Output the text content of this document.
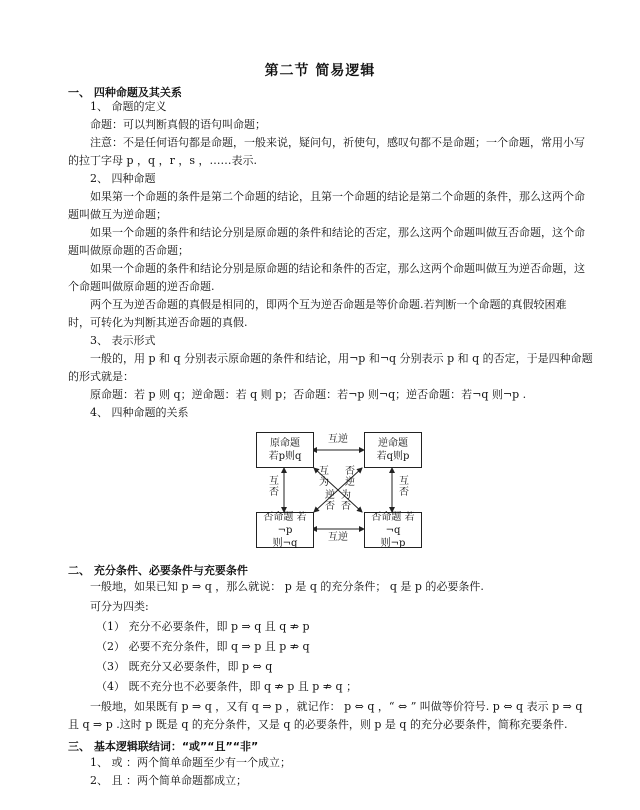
第二节 简易逻辑
一、 四种命题及其关系
1、 命题的定义
命题：可以判断真假的语句叫命题；
注意：不是任何语句都是命题，一般来说，疑问句，祈使句，感叹句都不是命题；一个命题，常用小写
的拉丁字母 p ，q ，r ，s ，……表示.
2、 四种命题
如果第一个命题的条件是第二个命题的结论，且第一个命题的结论是第二个命题的条件，那么这两个命
题叫做互为逆命题；
如果一个命题的条件和结论分别是原命题的条件和结论的否定，那么这两个命题叫做互否命题，这个命
题叫做原命题的否命题；
如果一个命题的条件和结论分别是原命题的结论和条件的否定，那么这两个命题叫做互为逆否命题，这
个命题叫做原命题的逆否命题.
两个互为逆否命题的真假是相同的，即两个互为逆否命题是等价命题.若判断一个命题的真假较困难
时，可转化为判断其逆否命题的真假.
3、 表示形式
一般的，用 p 和 q 分别表示原命题的条件和结论，用¬p 和¬q 分别表示 p 和 q 的否定，于是四种命题
的形式就是：
原命题：若 p 则 q；逆命题：若 q 则 p；否命题：若¬p 则¬q；逆否命题：若¬q 则¬p .
4、 四种命题的关系
原命题
若p则q
逆命题
若q则p
否命题 若¬p
则¬q
否命题 若¬q
则¬p
互逆
互逆
互
否
互
否
互
为
否
逆
逆
否
为
否
二、 充分条件、必要条件与充要条件
一般地，如果已知 p ⇒ q ，那么就说： p 是 q 的充分条件； q 是 p 的必要条件.
可分为四类:
（1） 充分不必要条件，即 p ⇒ q 且 q ⇏ p
（2） 必要不充分条件，即 q ⇒ p 且 p ⇏ q
（3） 既充分又必要条件，即 p ⇔ q
（4） 既不充分也不必要条件，即 q ⇏ p 且 p ⇏ q ；
一般地，如果既有 p ⇒ q ，又有 q ⇒ p ，就记作： p ⇔ q ，“ ⇔ ” 叫做等价符号. p ⇔ q 表示 p ⇒ q
且 q ⇒ p .这时 p 既是 q 的充分条件，又是 q 的必要条件，则 p 是 q 的充分必要条件，简称充要条件.
三、 基本逻辑联结词：“或”“且”“非”
1、 或 ：两个简单命题至少有一个成立；
2、 且 ：两个简单命题都成立；
